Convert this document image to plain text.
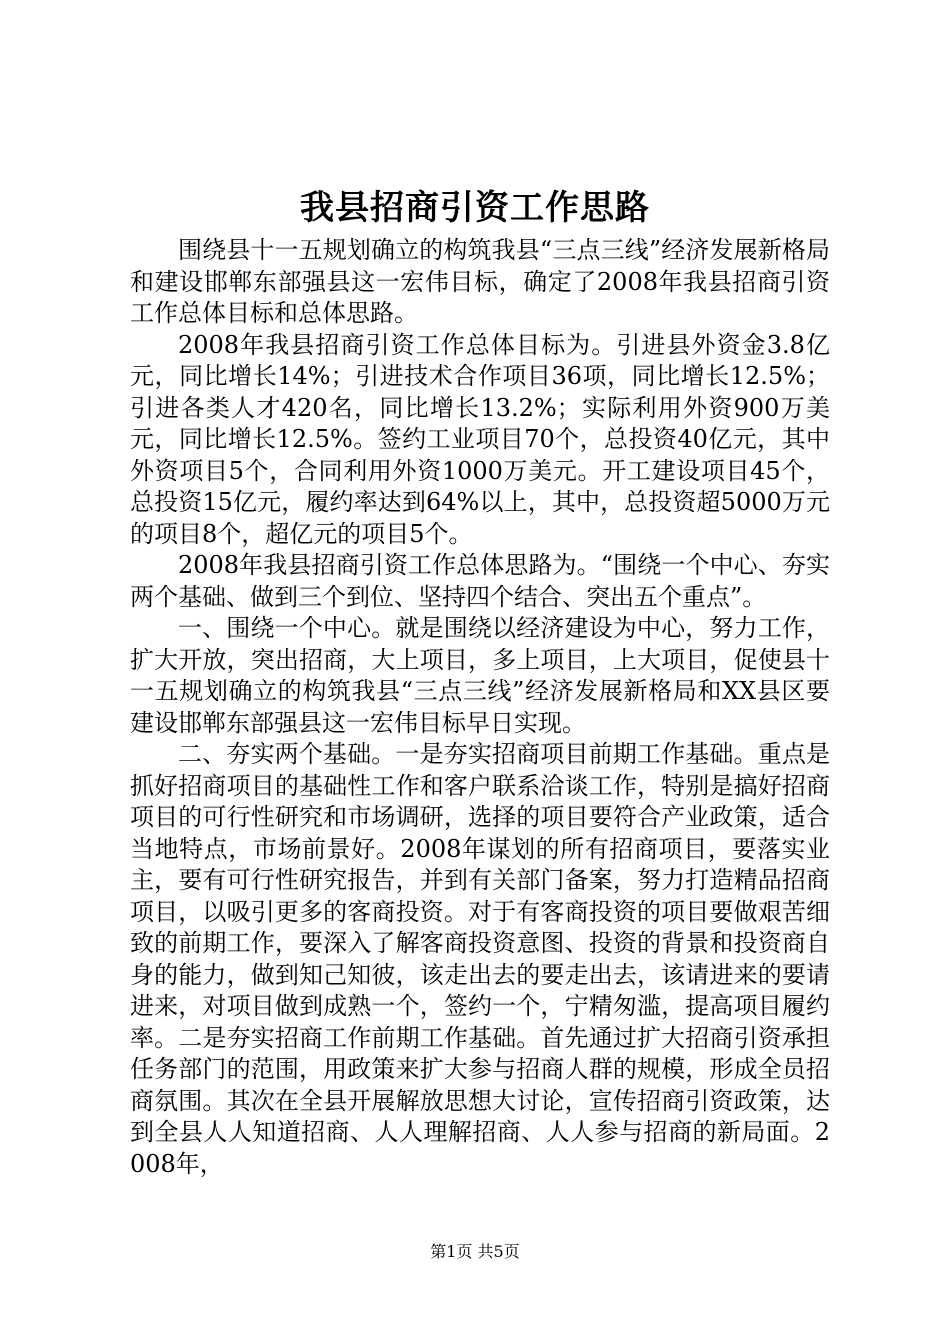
我县招商引资工作思路

围绕县十一五规划确立的构筑我县“三点三线”经济发展新格局和建设邯郸东部强县这一宏伟目标，确定了2008年我县招商引资工作总体目标和总体思路。

2008年我县招商引资工作总体目标为。引进县外资金3.8亿元，同比增长14%；引进技术合作项目36项，同比增长12.5%；引进各类人才420名，同比增长13.2%；实际利用外资900万美元，同比增长12.5%。签约工业项目70个，总投资40亿元，其中外资项目5个，合同利用外资1000万美元。开工建设项目45个，总投资15亿元，履约率达到64%以上，其中，总投资超5000万元的项目8个，超亿元的项目5个。

2008年我县招商引资工作总体思路为。“围绕一个中心、夯实两个基础、做到三个到位、坚持四个结合、突出五个重点”。

一、围绕一个中心。就是围绕以经济建设为中心，努力工作，扩大开放，突出招商，大上项目，多上项目，上大项目，促使县十一五规划确立的构筑我县“三点三线”经济发展新格局和XX县区要建设邯郸东部强县这一宏伟目标早日实现。

二、夯实两个基础。一是夯实招商项目前期工作基础。重点是抓好招商项目的基础性工作和客户联系洽谈工作，特别是搞好招商项目的可行性研究和市场调研，选择的项目要符合产业政策，适合当地特点，市场前景好。2008年谋划的所有招商项目，要落实业主，要有可行性研究报告，并到有关部门备案，努力打造精品招商项目，以吸引更多的客商投资。对于有客商投资的项目要做艰苦细致的前期工作，要深入了解客商投资意图、投资的背景和投资商自身的能力，做到知己知彼，该走出去的要走出去，该请进来的要请进来，对项目做到成熟一个，签约一个，宁精匆滥，提高项目履约率。二是夯实招商工作前期工作基础。首先通过扩大招商引资承担任务部门的范围，用政策来扩大参与招商人群的规模，形成全员招商氛围。其次在全县开展解放思想大讨论，宣传招商引资政策，达到全县人人知道招商、人人理解招商、人人参与招商的新局面。2008年，

第1页 共5页
